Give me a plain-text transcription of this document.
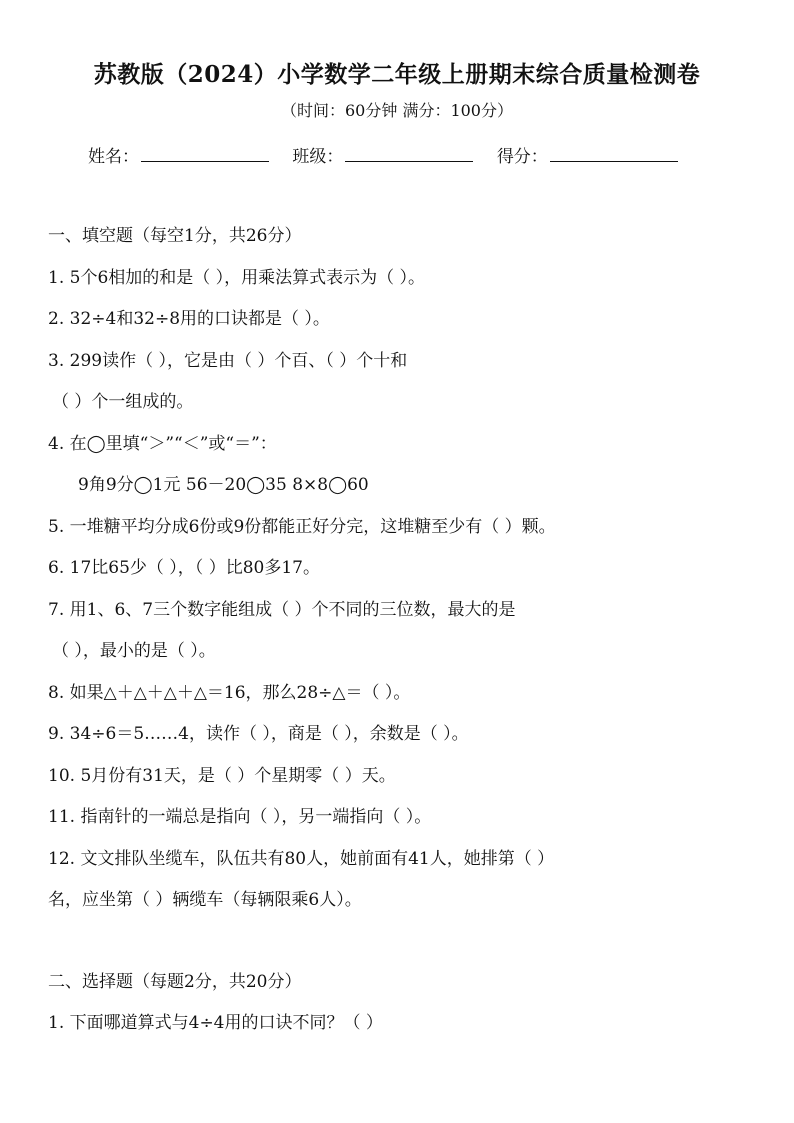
苏教版（2024）小学数学二年级上册期末综合质量检测卷
（时间：60分钟 满分：100分）
姓名：	班级：	得分：
一、填空题（每空1分，共26分）
1. 5个6相加的和是（ ），用乘法算式表示为（ ）。
2. 32÷4和32÷8用的口诀都是（ ）。
3. 299读作（ ），它是由（ ）个百、（ ）个十和
（ ）个一组成的。
4. 在◯里填“＞”“＜”或“＝”：
9角9分◯1元 56－20◯35 8×8◯60
5. 一堆糖平均分成6份或9份都能正好分完，这堆糖至少有（ ）颗。
6. 17比65少（ ），（ ）比80多17。
7. 用1、6、7三个数字能组成（ ）个不同的三位数，最大的是
（ ），最小的是（ ）。
8. 如果△＋△＋△＋△＝16，那么28÷△＝（ ）。
9. 34÷6＝5……4，读作（ ），商是（ ），余数是（ ）。
10. 5月份有31天，是（ ）个星期零（ ）天。
11. 指南针的一端总是指向（ ），另一端指向（ ）。
12. 文文排队坐缆车，队伍共有80人，她前面有41人，她排第（ ）
名，应坐第（ ）辆缆车（每辆限乘6人）。
二、选择题（每题2分，共20分）
1. 下面哪道算式与4÷4用的口诀不同？（ ）
